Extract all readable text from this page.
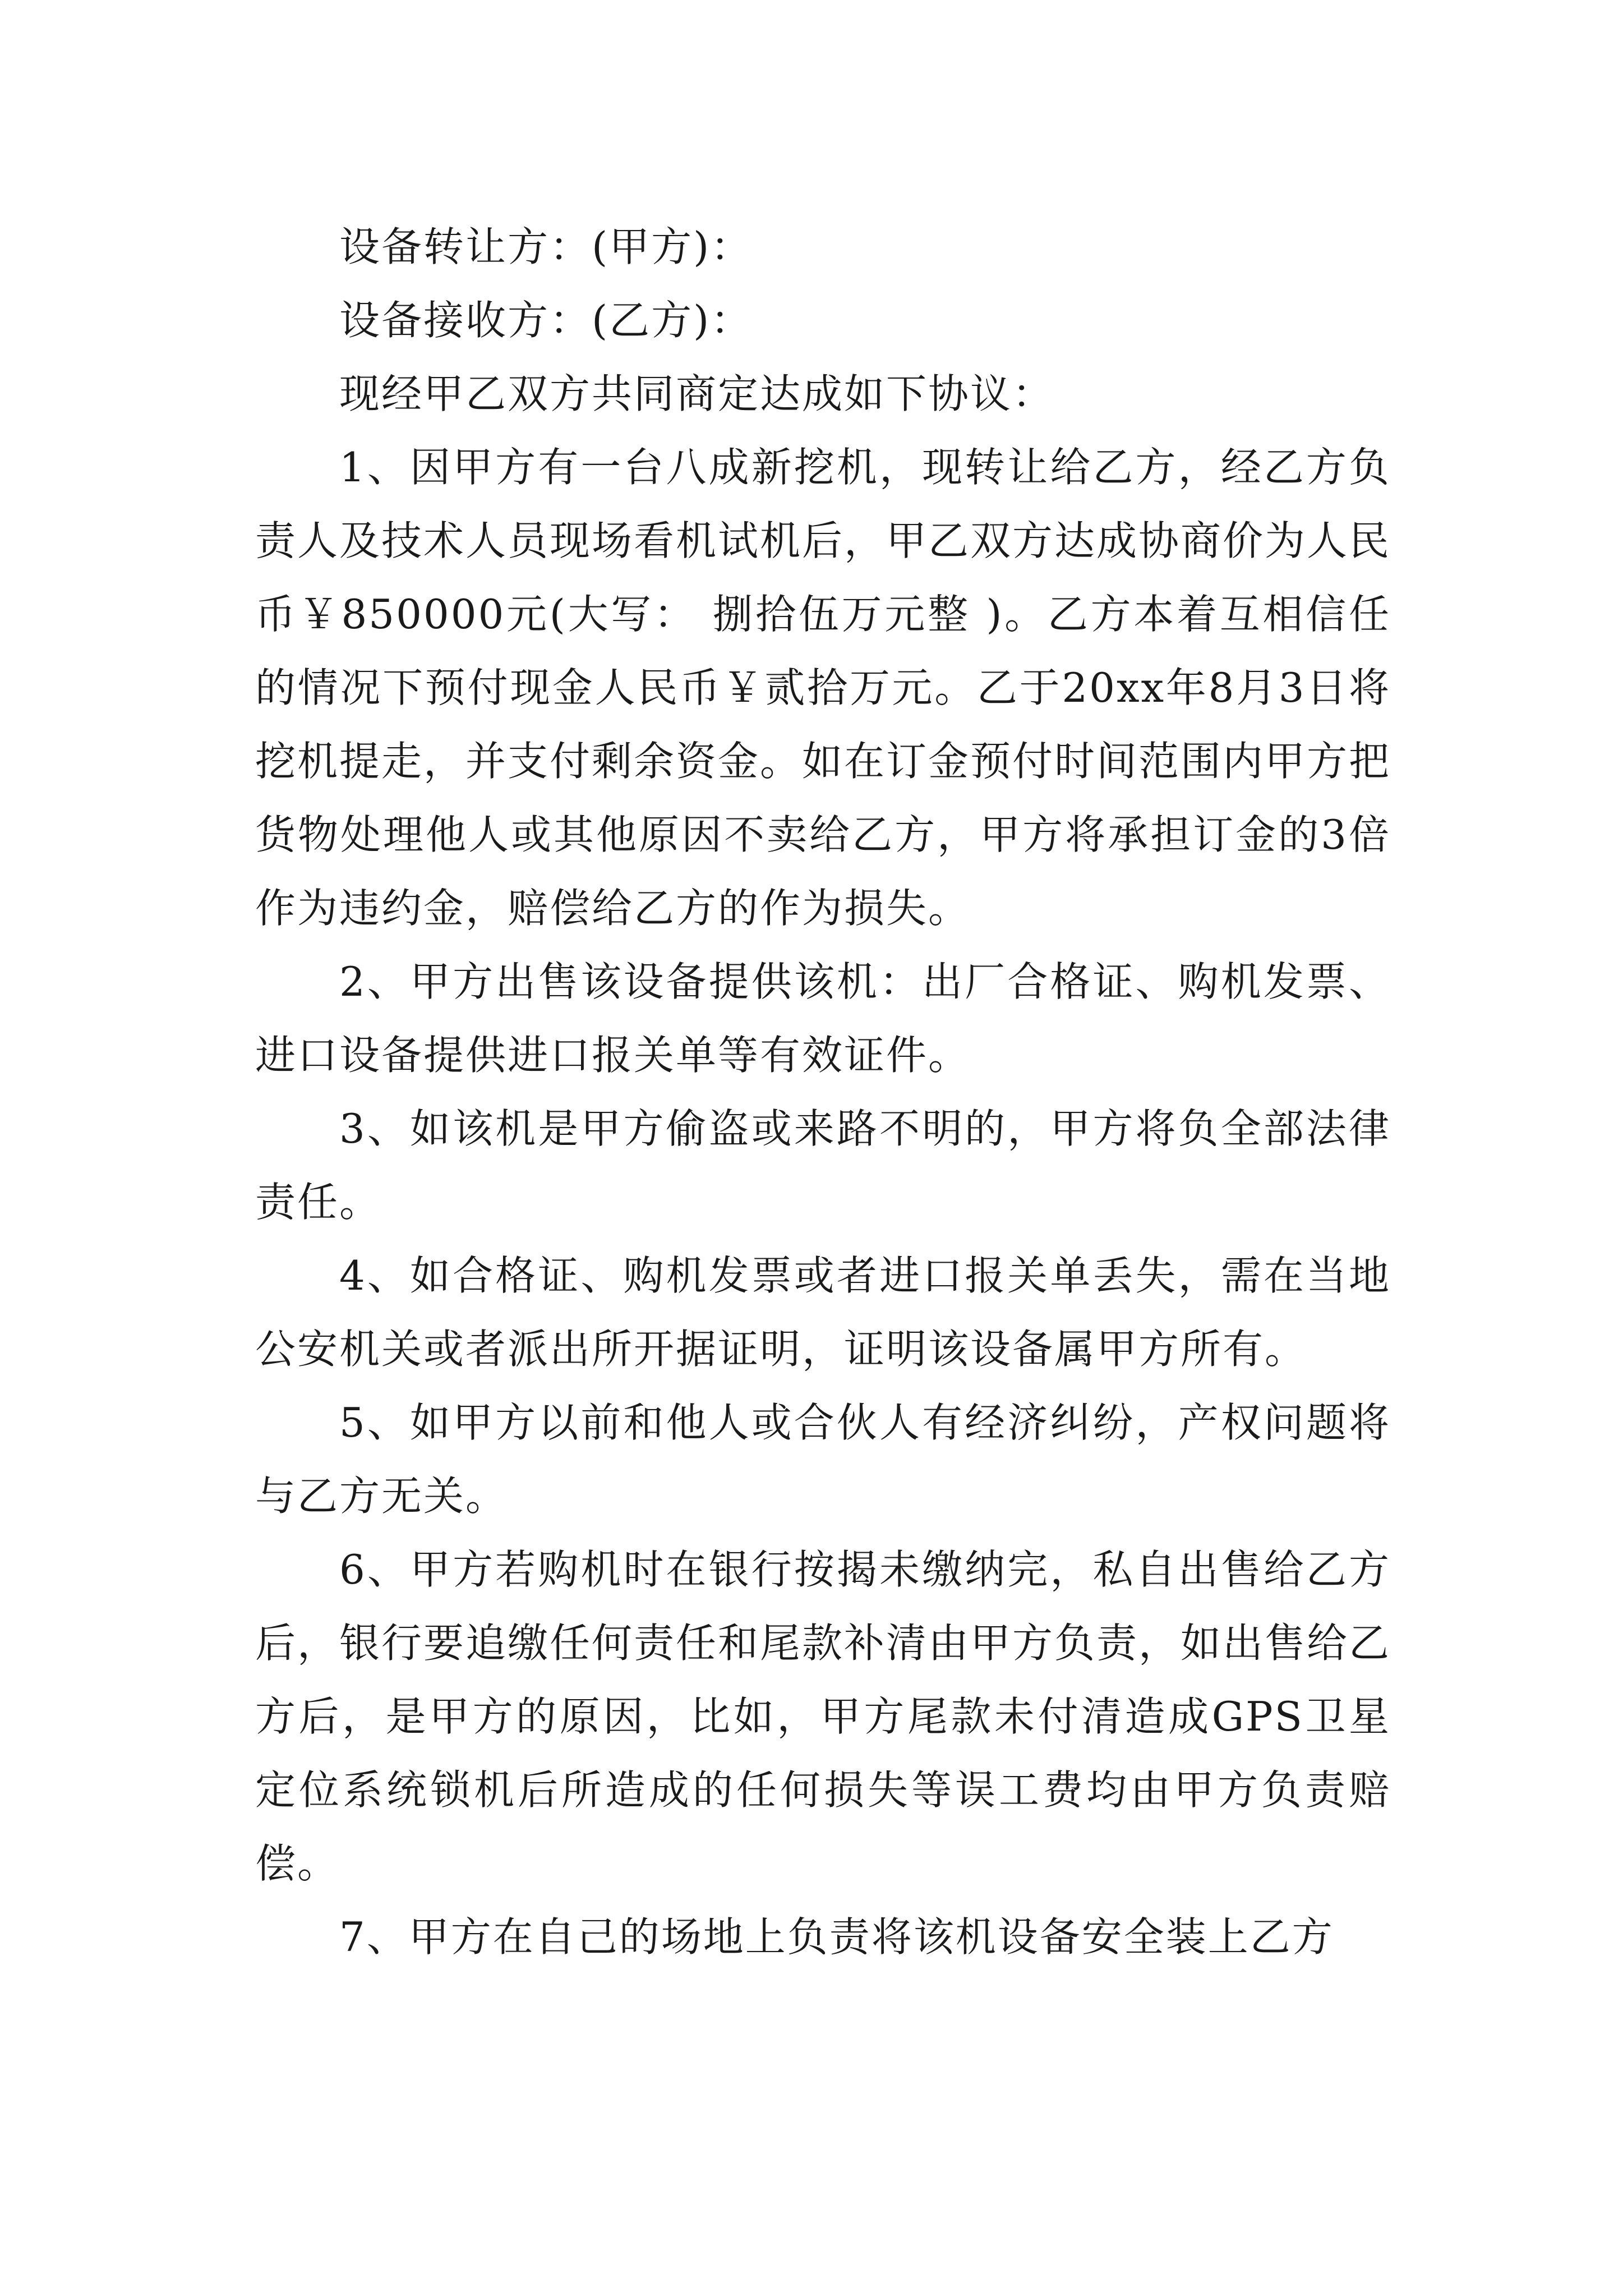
设备转让方：(甲方)：

设备接收方：(乙方)：

现经甲乙双方共同商定达成如下协议：

1、因甲方有一台八成新挖机，现转让给乙方，经乙方负责人及技术人员现场看机试机后，甲乙双方达成协商价为人民币￥850000元(大写： 捌拾伍万元整 )。乙方本着互相信任的情况下预付现金人民币￥贰拾万元。乙于20xx年8月3日将挖机提走，并支付剩余资金。如在订金预付时间范围内甲方把货物处理他人或其他原因不卖给乙方，甲方将承担订金的3倍作为违约金，赔偿给乙方的作为损失。

2、甲方出售该设备提供该机：出厂合格证、购机发票、进口设备提供进口报关单等有效证件。

3、如该机是甲方偷盗或来路不明的，甲方将负全部法律责任。

4、如合格证、购机发票或者进口报关单丢失，需在当地公安机关或者派出所开据证明，证明该设备属甲方所有。

5、如甲方以前和他人或合伙人有经济纠纷，产权问题将与乙方无关。

6、甲方若购机时在银行按揭未缴纳完，私自出售给乙方后，银行要追缴任何责任和尾款补清由甲方负责，如出售给乙方后，是甲方的原因，比如，甲方尾款未付清造成GPS卫星定位系统锁机后所造成的任何损失等误工费均由甲方负责赔偿。

7、甲方在自己的场地上负责将该机设备安全装上乙方
